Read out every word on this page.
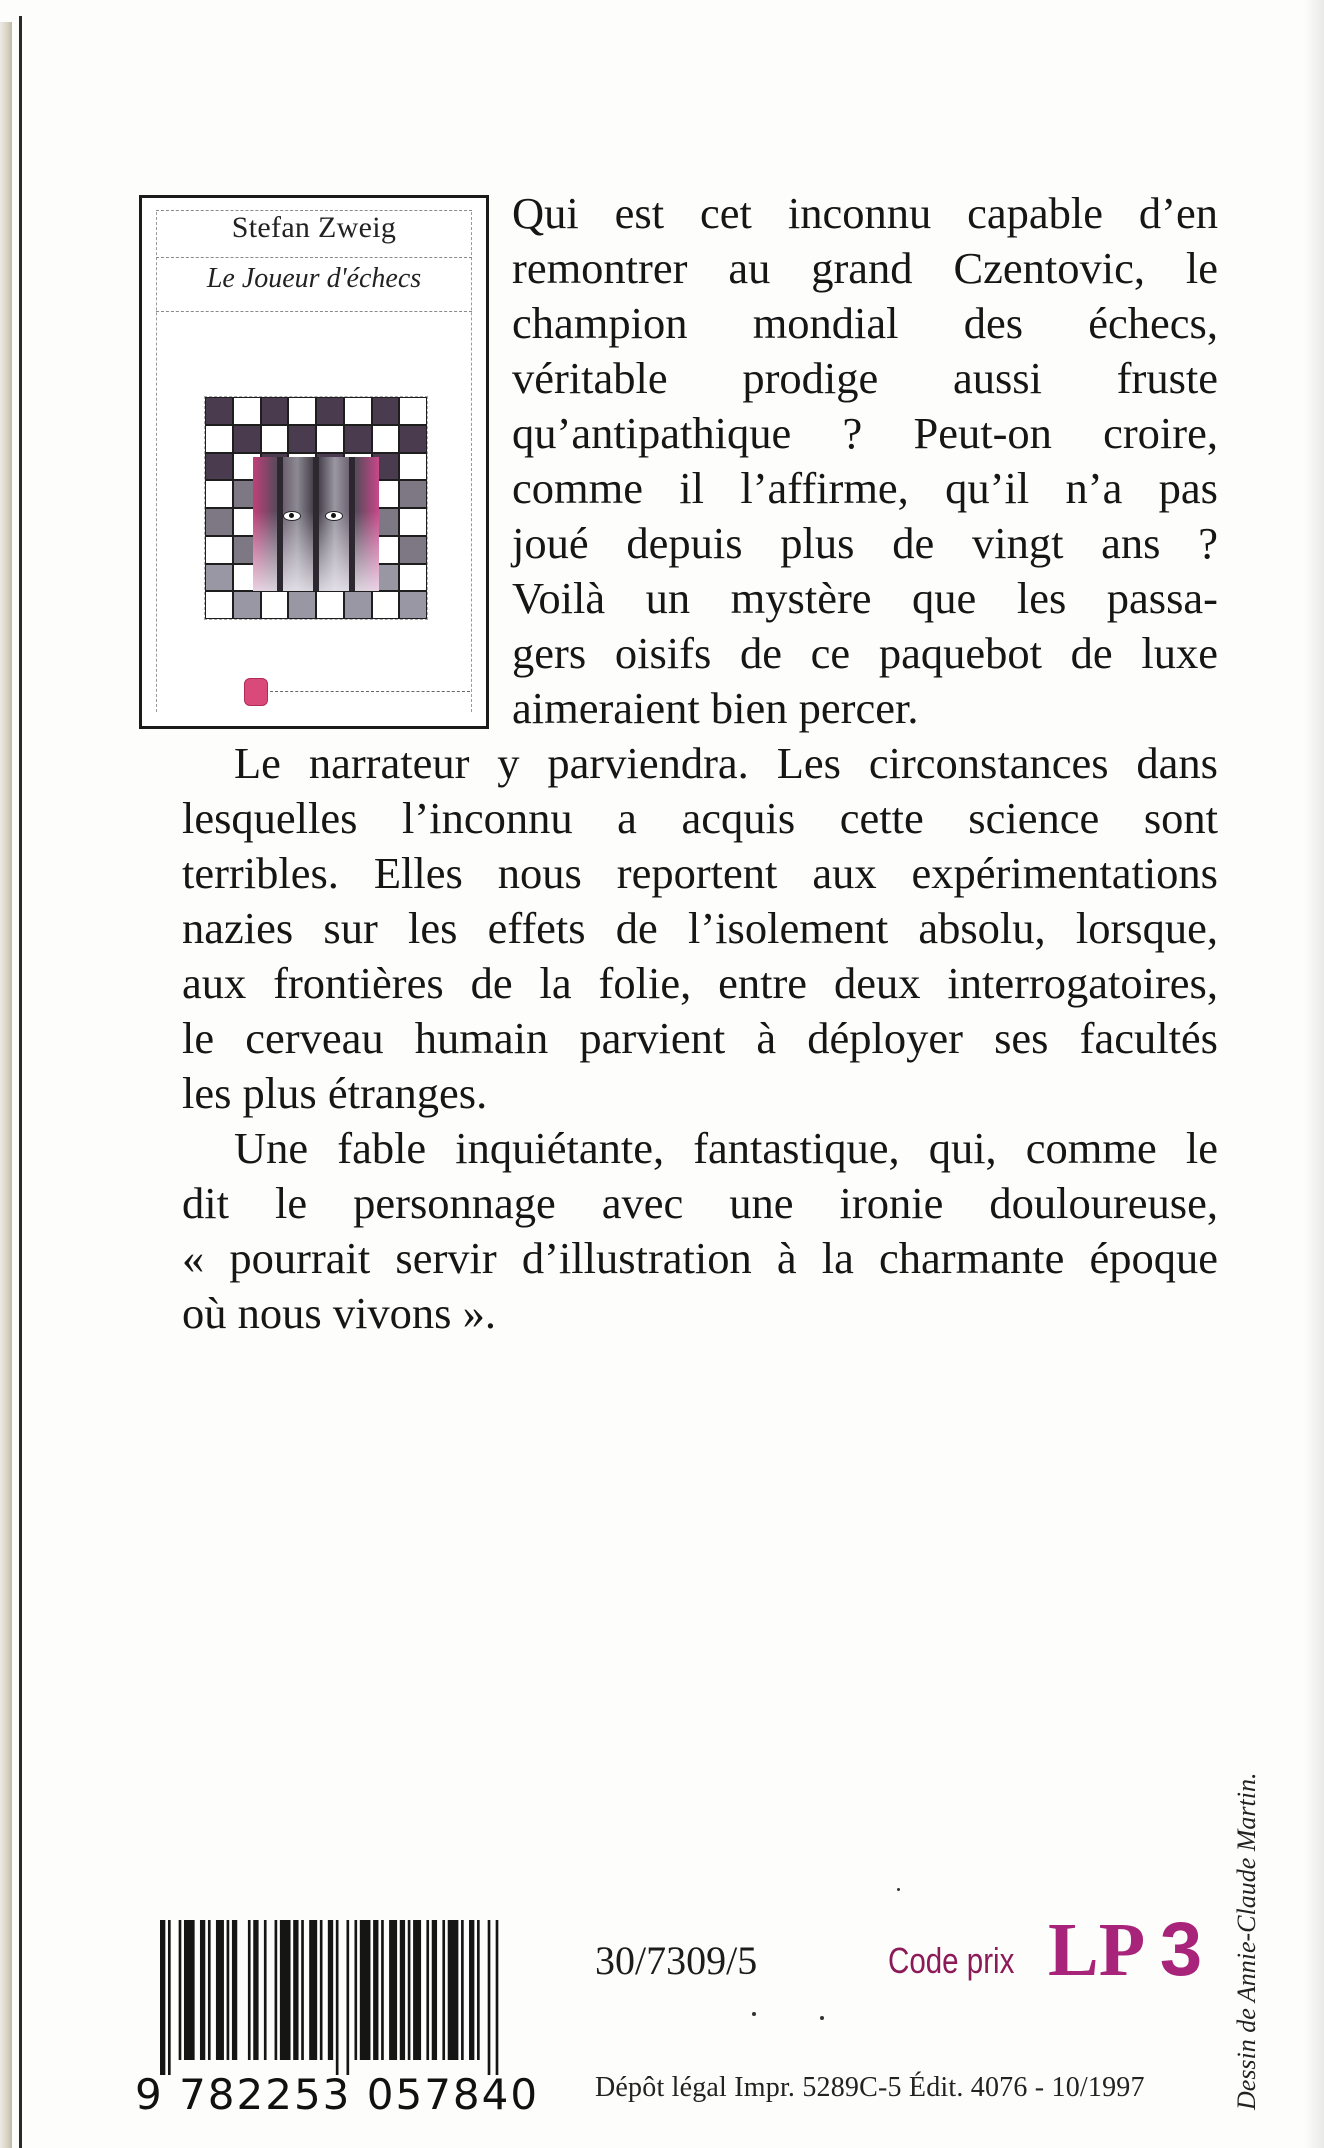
Stefan Zweig
Le Joueur d'échecs
Qui est cet inconnu capable d’en
remontrer au grand Czentovic, le
champion mondial des échecs,
véritable prodige aussi fruste
qu’antipathique ? Peut-on croire,
comme il l’affirme, qu’il n’a pas
joué depuis plus de vingt ans ?
Voilà un mystère que les passa-
gers oisifs de ce paquebot de luxe
aimeraient bien percer.
Le narrateur y parviendra. Les circonstances dans
lesquelles l’inconnu a acquis cette science sont
terribles. Elles nous reportent aux expérimentations
nazies sur les effets de l’isolement absolu, lorsque,
aux frontières de la folie, entre deux interrogatoires,
le cerveau humain parvient à déployer ses facultés
les plus étranges.
Une fable inquiétante, fantastique, qui, comme le
dit le personnage avec une ironie douloureuse,
« pourrait servir d’illustration à la charmante époque
où nous vivons ».
9 782253 057840
30/7309/5	Code prix LP 3
Dépôt légal Impr. 5289C-5 Édit. 4076 - 10/1997	Dessin de Annie-Claude Martin.
